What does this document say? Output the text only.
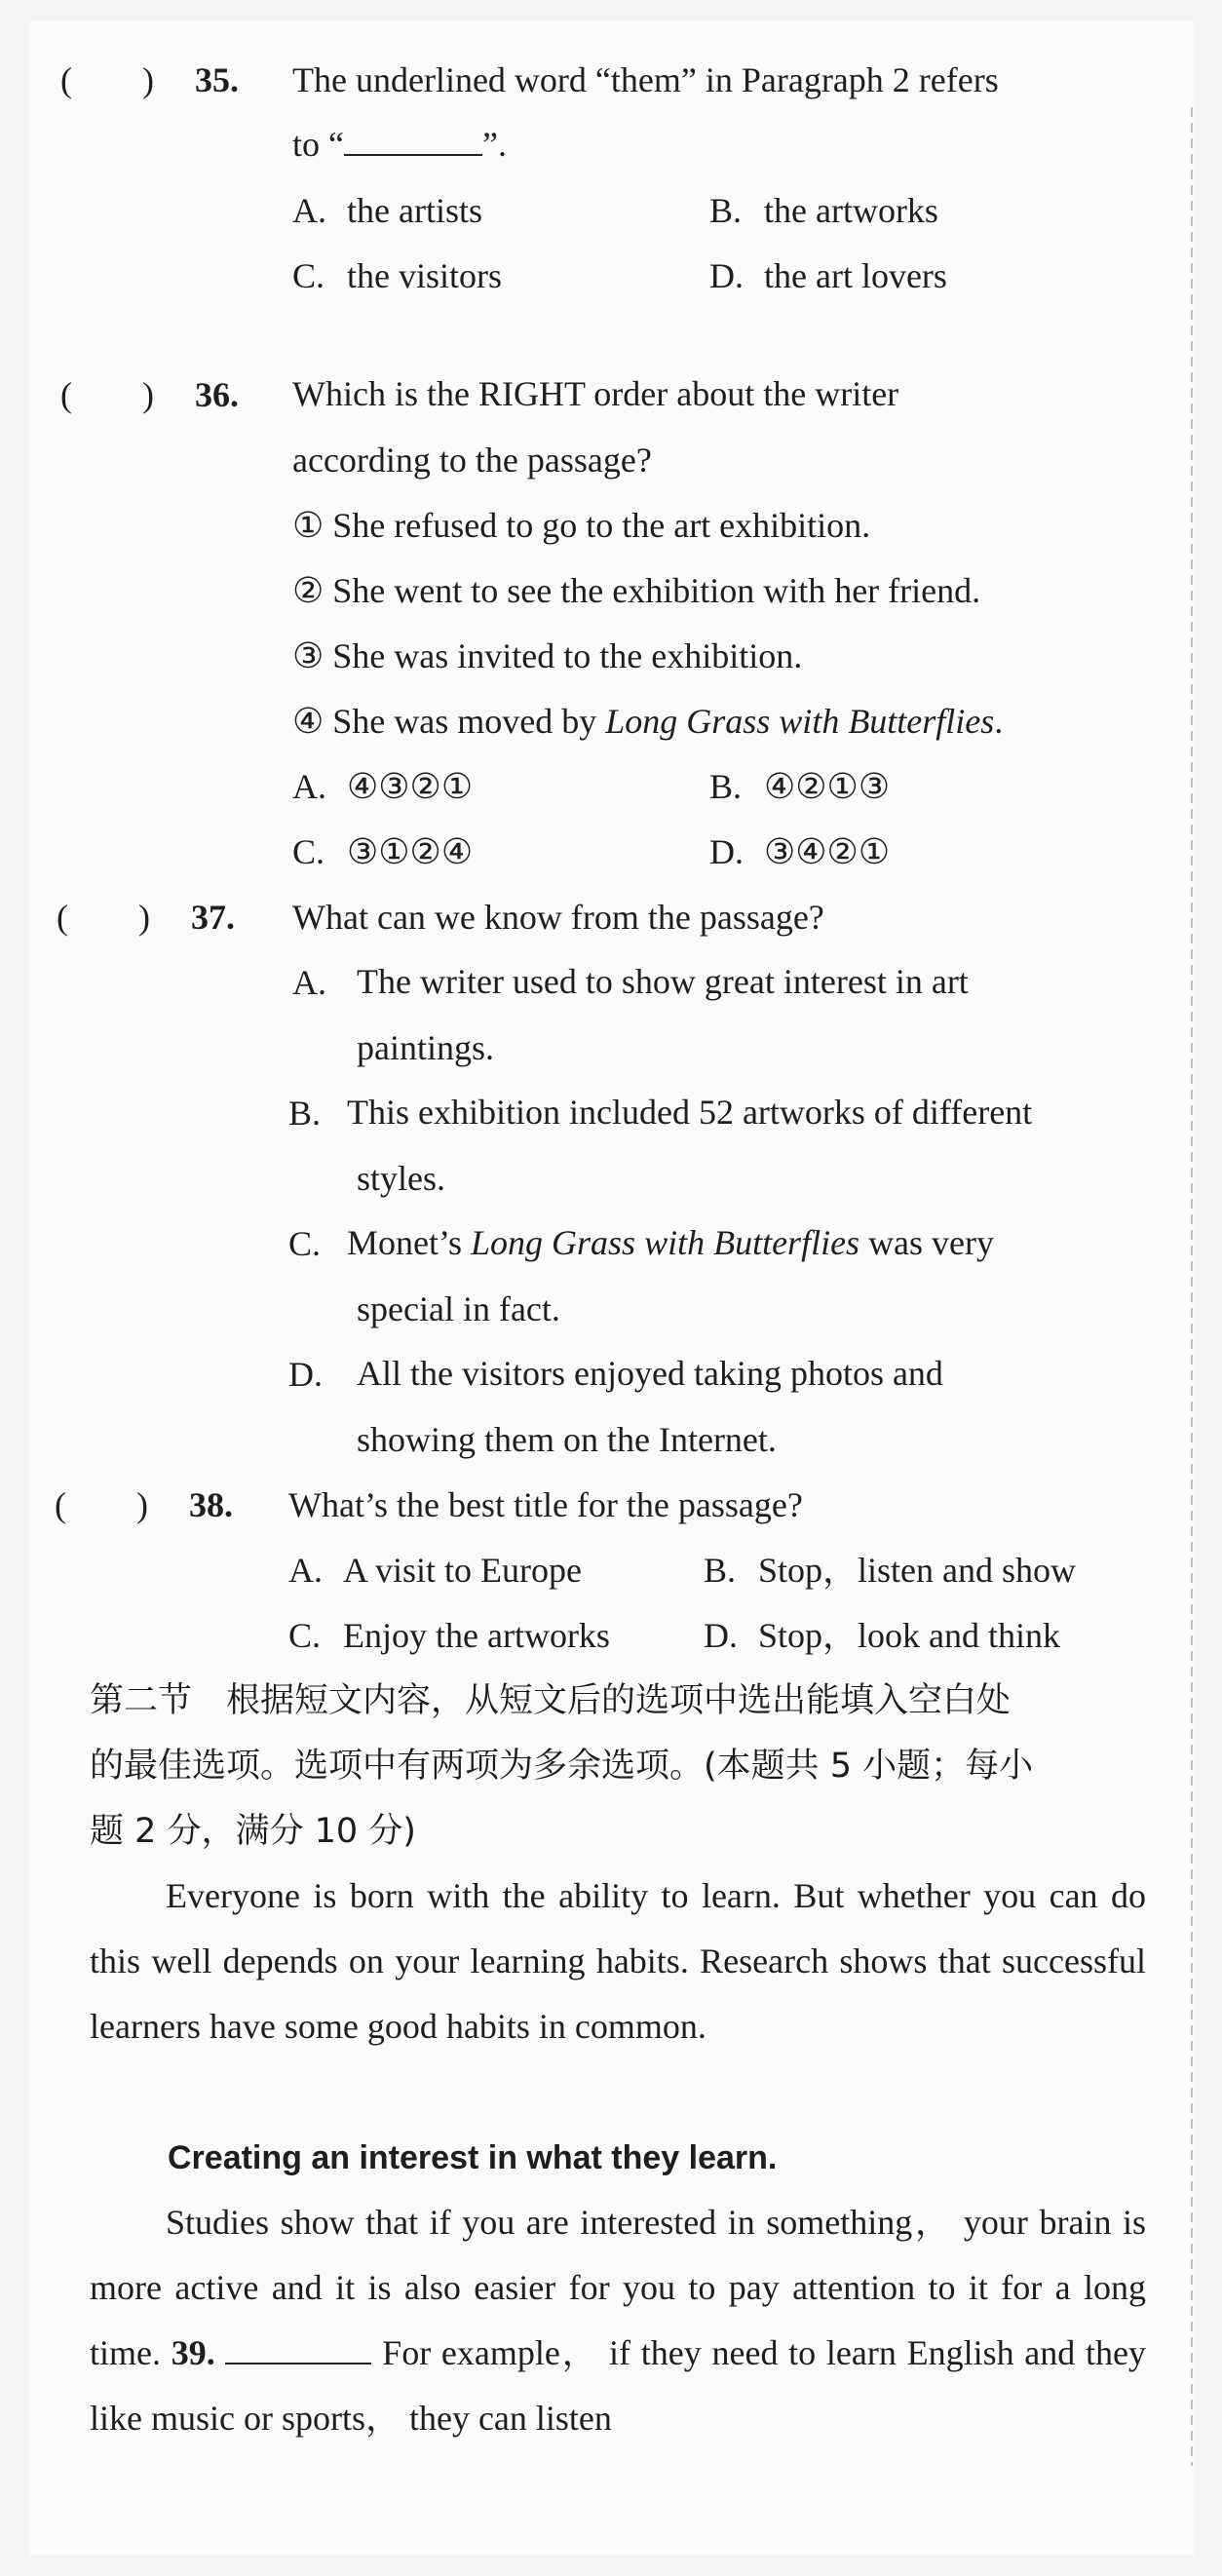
(        ) 35. The underlined word “them” in Paragraph 2 refers
to “	”.
A. the artists	B. the artworks
C. the visitors	D. the art lovers
(        ) 36. Which is the RIGHT order about the writer
according to the passage?
① She refused to go to the art exhibition.
② She went to see the exhibition with her friend.
③ She was invited to the exhibition.
④ She was moved by Long Grass with Butterflies.
A. ④③②①	B. ④②①③
C. ③①②④	D. ③④②①
(        ) 37. What can we know from the passage?
A. The writer used to show great interest in art
paintings.
B. This exhibition included 52 artworks of different
styles.
C. Monet’s Long Grass with Butterflies was very
special in fact.
D. All the visitors enjoyed taking photos and
showing them on the Internet.
(        ) 38. What’s the best title for the passage?
A. A visit to Europe	B. Stop，listen and show
C. Enjoy the artworks	D. Stop，look and think
第二节　根据短文内容，从短文后的选项中选出能填入空白处
的最佳选项。选项中有两项为多余选项。(本题共 5 小题；每小
题 2 分，满分 10 分)
Everyone is born with the ability to learn. But whether you can do this well depends on your learning habits. Research shows that successful learners have some good habits in common.
Creating an interest in what they learn.
Studies show that if you are interested in something， your brain is more active and it is also easier for you to pay attention to it for a long time. 39.	For example， if they need to learn English and they like music or sports， they can listen
